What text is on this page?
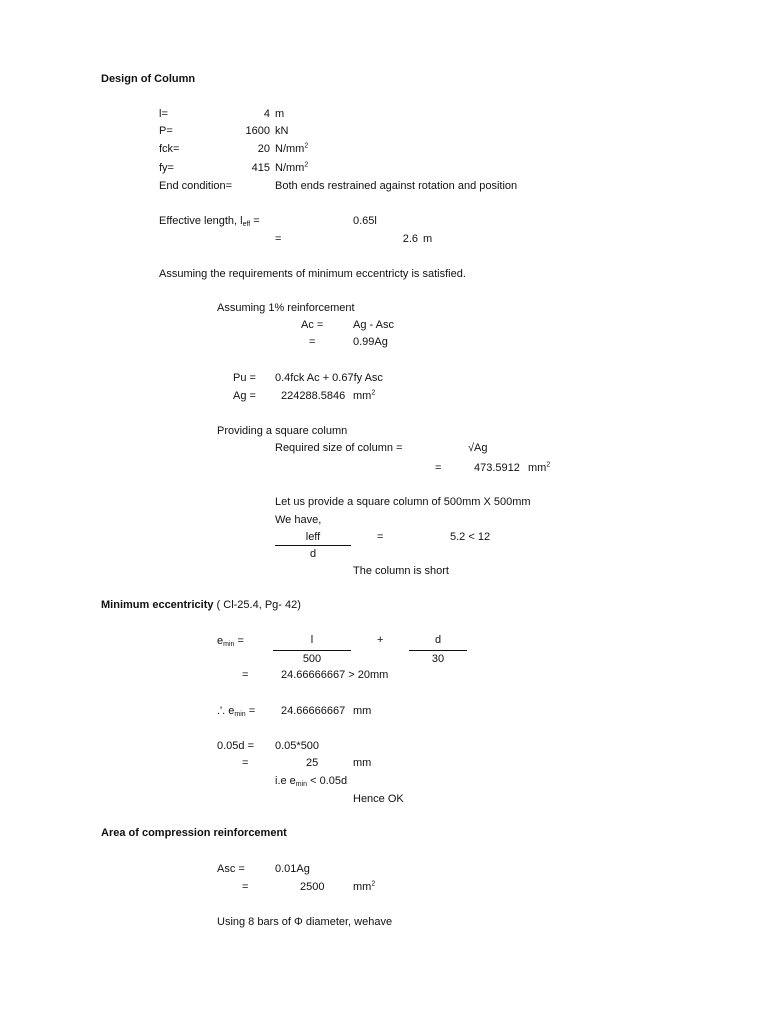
Design of Column
l=	4 m
P=	1600 kN
fck=	20 $N/mm^2$
fy=	415 $N/mm^2$
End condition=	Both ends restrained against rotation and position
Effective length, $l_{eff}$ =	0.65l
=	2.6 m
Assuming the requirements of minimum eccentricty is satisfied.
Assuming 1% reinforcement
Ac =	Ag - Asc
=	0.99Ag
Pu = 0.4fck Ac + 0.67fy Asc
Ag = 224288.5846 $mm^2$
Providing a square column
Required size of column =	√Ag
=	473.5912 $mm^2$
Let us provide a square column of 500mm X 500mm
We have,
leff
d
=	5.2 < 12
The column is short
Minimum eccentricity ( Cl-25.4, Pg- 42)
$e_{min}$ =	l
500
+	d
30
=	24.66666667 > 20mm
.'. $e_{min} = 24.66666667$ mm
0.05d = 0.05*500
=	25	mm
i.e $e_{min} < 0.05d$
Hence OK
Area of compression reinforcement
Asc =	0.01Ag
=	2500	$mm^2$
Using 8 bars of Φ diameter, wehave
